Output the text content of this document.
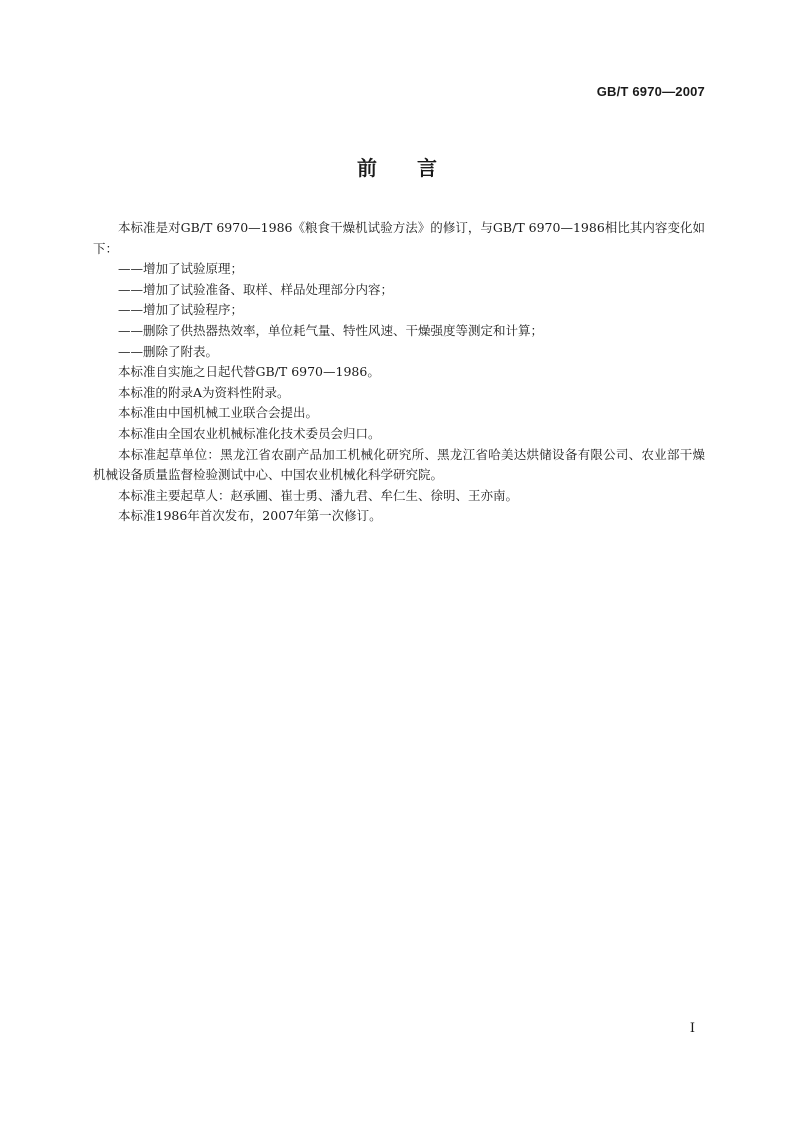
GB/T 6970—2007
前 言

本标准是对GB/T 6970—1986《粮食干燥机试验方法》的修订，与GB/T 6970—1986相比其内容变化如下：

——增加了试验原理；

——增加了试验准备、取样、样品处理部分内容；

——增加了试验程序；

——删除了供热器热效率，单位耗气量、特性风速、干燥强度等测定和计算；

——删除了附表。

本标准自实施之日起代替GB/T 6970—1986。

本标准的附录A为资料性附录。

本标准由中国机械工业联合会提出。

本标准由全国农业机械标准化技术委员会归口。

本标准起草单位：黑龙江省农副产品加工机械化研究所、黑龙江省哈美达烘储设备有限公司、农业部干燥机械设备质量监督检验测试中心、中国农业机械化科学研究院。

本标准主要起草人：赵承圃、崔士勇、潘九君、牟仁生、徐明、王亦南。

本标准1986年首次发布，2007年第一次修订。

I
